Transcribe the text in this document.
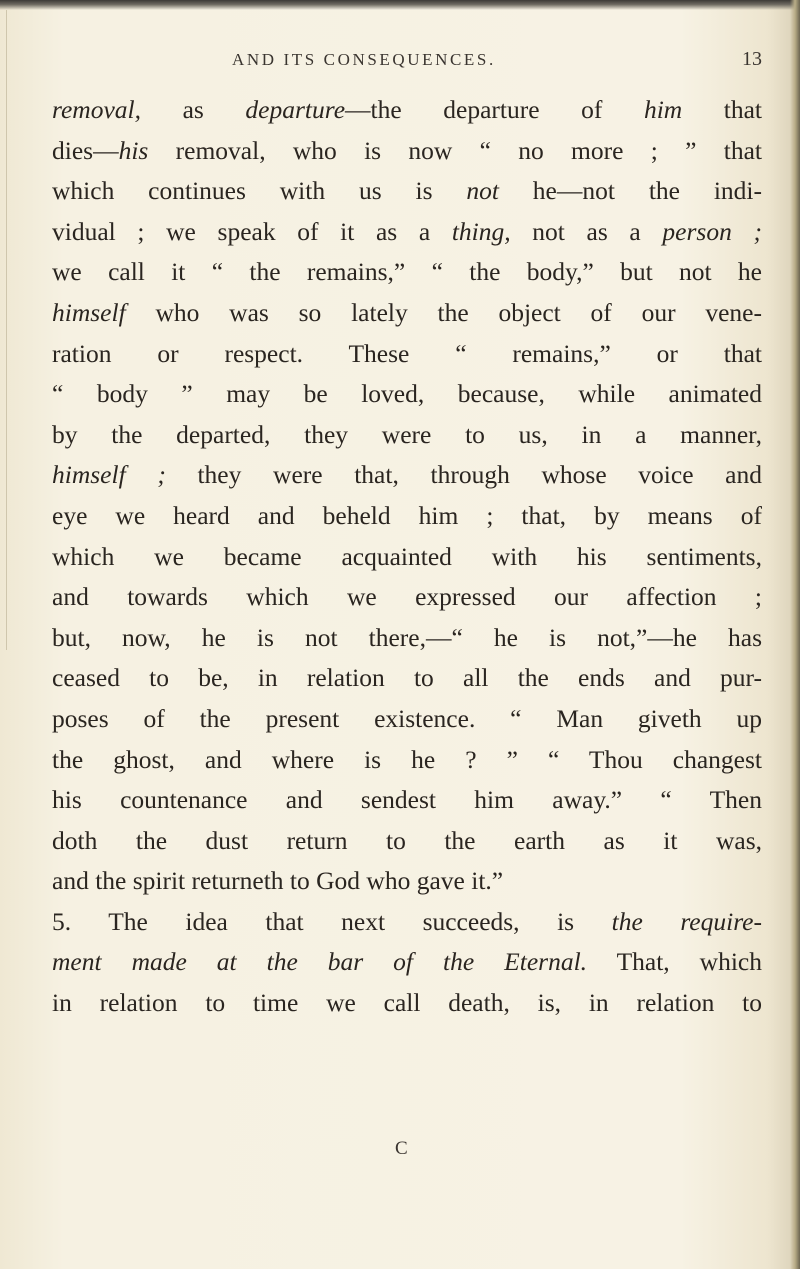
AND ITS CONSEQUENCES.	13
removal, as departure—the departure of him that
dies—his removal, who is now “ no more ; ” that
which continues with us is not he—not the indi-
vidual ; we speak of it as a thing, not as a person ;
we call it “ the remains,” “ the body,” but not he
himself who was so lately the object of our vene-
ration or respect. These “ remains,” or that
“ body ” may be loved, because, while animated
by the departed, they were to us, in a manner,
himself ; they were that, through whose voice and
eye we heard and beheld him ; that, by means of
which we became acquainted with his sentiments,
and towards which we expressed our affection ;
but, now, he is not there,—“ he is not,”—he has
ceased to be, in relation to all the ends and pur-
poses of the present existence. “ Man giveth up
the ghost, and where is he ? ” “ Thou changest
his countenance and sendest him away.” “ Then
doth the dust return to the earth as it was,
and the spirit returneth to God who gave it.”
5. The idea that next succeeds, is the require-
ment made at the bar of the Eternal. That, which
in relation to time we call death, is, in relation to
C
